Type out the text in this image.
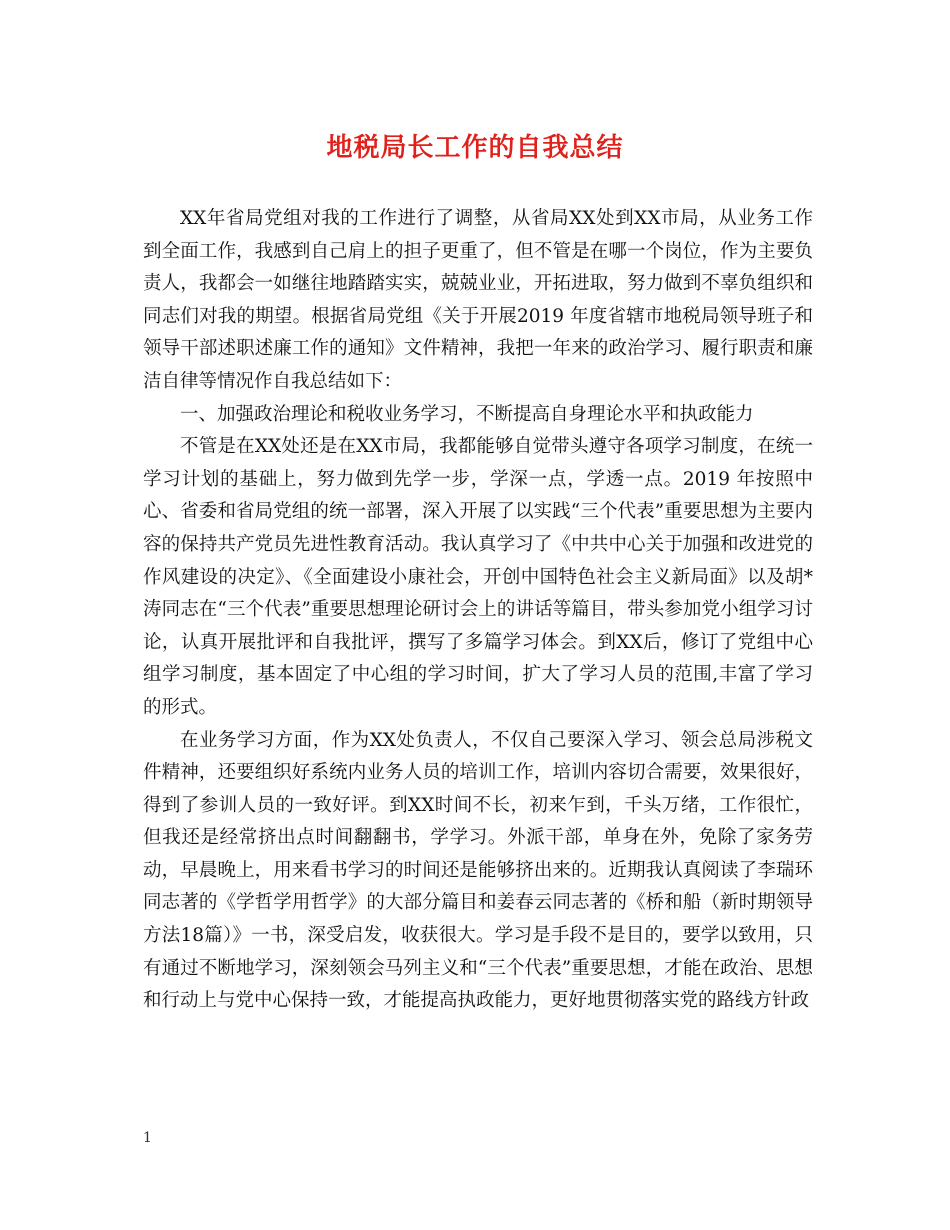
地税局长工作的自我总结

XX年省局党组对我的工作进行了调整，从省局XX处到XX市局，从业务工作到全面工作，我感到自己肩上的担子更重了，但不管是在哪一个岗位，作为主要负责人，我都会一如继往地踏踏实实，兢兢业业，开拓进取，努力做到不辜负组织和同志们对我的期望。根据省局党组《关于开展2019 年度省辖市地税局领导班子和领导干部述职述廉工作的通知》文件精神，我把一年来的政治学习、履行职责和廉洁自律等情况作自我总结如下：

一、加强政治理论和税收业务学习，不断提高自身理论水平和执政能力

不管是在XX处还是在XX市局，我都能够自觉带头遵守各项学习制度，在统一学习计划的基础上，努力做到先学一步，学深一点，学透一点。2019 年按照中心、省委和省局党组的统一部署，深入开展了以实践“三个代表”重要思想为主要内容的保持共产党员先进性教育活动。我认真学习了《中共中心关于加强和改进党的作风建设的决定》、《全面建设小康社会，开创中国特色社会主义新局面》以及胡*涛同志在“三个代表”重要思想理论研讨会上的讲话等篇目，带头参加党小组学习讨论，认真开展批评和自我批评，撰写了多篇学习体会。到XX后，修订了党组中心组学习制度，基本固定了中心组的学习时间，扩大了学习人员的范围,丰富了学习的形式。

在业务学习方面，作为XX处负责人，不仅自己要深入学习、领会总局涉税文件精神，还要组织好系统内业务人员的培训工作，培训内容切合需要，效果很好，得到了参训人员的一致好评。到XX时间不长，初来乍到，千头万绪，工作很忙，但我还是经常挤出点时间翻翻书，学学习。外派干部，单身在外，免除了家务劳动，早晨晚上，用来看书学习的时间还是能够挤出来的。近期我认真阅读了李瑞环同志著的《学哲学用哲学》的大部分篇目和姜春云同志著的《桥和船（新时期领导方法18篇）》一书，深受启发，收获很大。学习是手段不是目的，要学以致用，只有通过不断地学习，深刻领会马列主义和“三个代表”重要思想，才能在政治、思想和行动上与党中心保持一致，才能提高执政能力，更好地贯彻落实党的路线方针政

1
